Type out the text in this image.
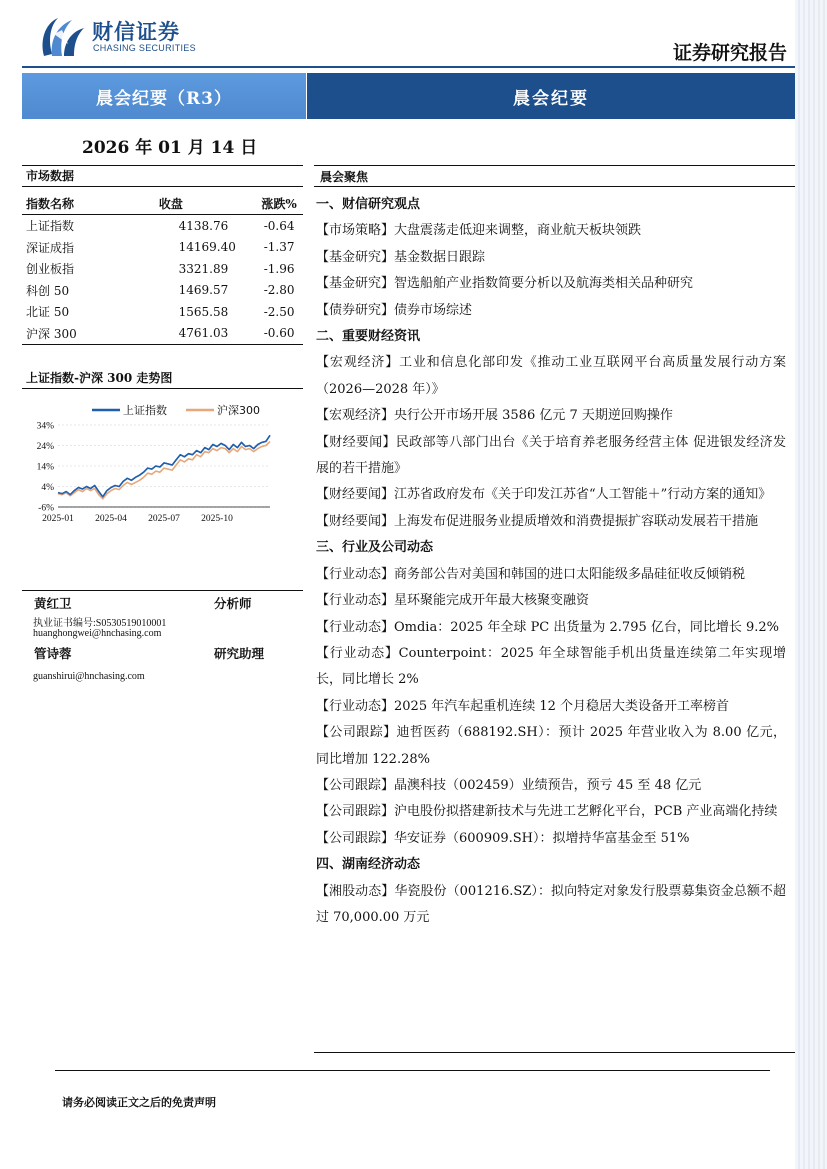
财信证券
CHASING SECURITIES	证券研究报告
晨会纪要（R3）	晨会纪要
2026 年 01 月 14 日
市场数据
指数名称	收盘	涨跌%
上证指数	4138.76	-0.64
深证成指	14169.40	-1.37
创业板指	3321.89	-1.96
科创 50	1469.57	-2.80
北证 50	1565.58	-2.50
沪深 300	4761.03	-0.60
上证指数-沪深 300 走势图
34%
24%
14%
4%
-6%
2025-01 2025-04 2025-07 2025-10
上证指数	沪深300
黄红卫	分析师
执业证书编号:S0530519010001
huanghongwei@hnchasing.com
管诗蓉	研究助理
guanshirui@hnchasing.com
晨会聚焦

一、财信研究观点

【市场策略】大盘震荡走低迎来调整，商业航天板块领跌

【基金研究】基金数据日跟踪

【基金研究】智选船舶产业指数简要分析以及航海类相关品种研究

【债券研究】债券市场综述

二、重要财经资讯

【宏观经济】工业和信息化部印发《推动工业互联网平台高质量发展行动方案（2026—2028 年）》

【宏观经济】央行公开市场开展 3586 亿元 7 天期逆回购操作

【财经要闻】民政部等八部门出台《关于培育养老服务经营主体 促进银发经济发展的若干措施》

【财经要闻】江苏省政府发布《关于印发江苏省“人工智能＋”行动方案的通知》

【财经要闻】上海发布促进服务业提质增效和消费提振扩容联动发展若干措施

三、行业及公司动态

【行业动态】商务部公告对美国和韩国的进口太阳能级多晶硅征收反倾销税

【行业动态】星环聚能完成开年最大核聚变融资

【行业动态】Omdia：2025 年全球 PC 出货量为 2.795 亿台，同比增长 9.2%

【行业动态】Counterpoint：2025 年全球智能手机出货量连续第二年实现增长，同比增长 2%

【行业动态】2025 年汽车起重机连续 12 个月稳居大类设备开工率榜首

【公司跟踪】迪哲医药（688192.SH）：预计 2025 年营业收入为 8.00 亿元，同比增加 122.28%

【公司跟踪】晶澳科技（002459）业绩预告，预亏 45 至 48 亿元

【公司跟踪】沪电股份拟搭建新技术与先进工艺孵化平台，PCB 产业高端化持续

【公司跟踪】华安证券（600909.SH）：拟增持华富基金至 51%

四、湖南经济动态

【湘股动态】华瓷股份（001216.SZ）：拟向特定对象发行股票募集资金总额不超过 70,000.00 万元

请务必阅读正文之后的免责声明
